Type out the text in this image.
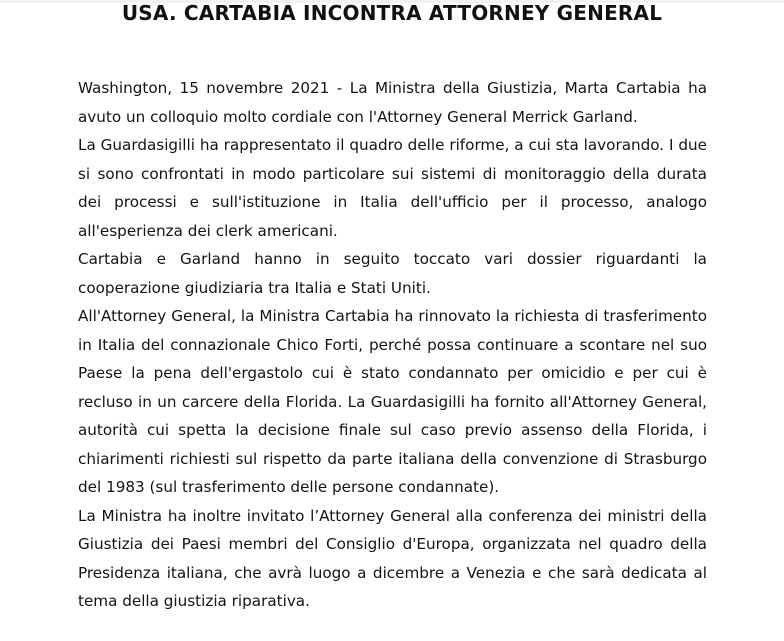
USA. CARTABIA INCONTRA ATTORNEY GENERAL

Washington, 15 novembre 2021 - La Ministra della Giustizia, Marta Cartabia ha avuto un colloquio molto cordiale con l'Attorney General Merrick Garland.

La Guardasigilli ha rappresentato il quadro delle riforme, a cui sta lavorando. I due si sono confrontati in modo particolare sui sistemi di monitoraggio della durata dei processi e sull'istituzione in Italia dell'ufficio per il processo, analogo all'esperienza dei clerk americani.

Cartabia e Garland hanno in seguito toccato vari dossier riguardanti la cooperazione giudiziaria tra Italia e Stati Uniti.

All'Attorney General, la Ministra Cartabia ha rinnovato la richiesta di trasferimento in Italia del connazionale Chico Forti, perché possa continuare a scontare nel suo Paese la pena dell'ergastolo cui è stato condannato per omicidio e per cui è recluso in un carcere della Florida. La Guardasigilli ha fornito all'Attorney General, autorità cui spetta la decisione finale sul caso previo assenso della Florida, i chiarimenti richiesti sul rispetto da parte italiana della convenzione di Strasburgo del 1983 (sul trasferimento delle persone condannate).

La Ministra ha inoltre invitato l’Attorney General alla conferenza dei ministri della Giustizia dei Paesi membri del Consiglio d'Europa, organizzata nel quadro della Presidenza italiana, che avrà luogo a dicembre a Venezia e che sarà dedicata al tema della giustizia riparativa.
